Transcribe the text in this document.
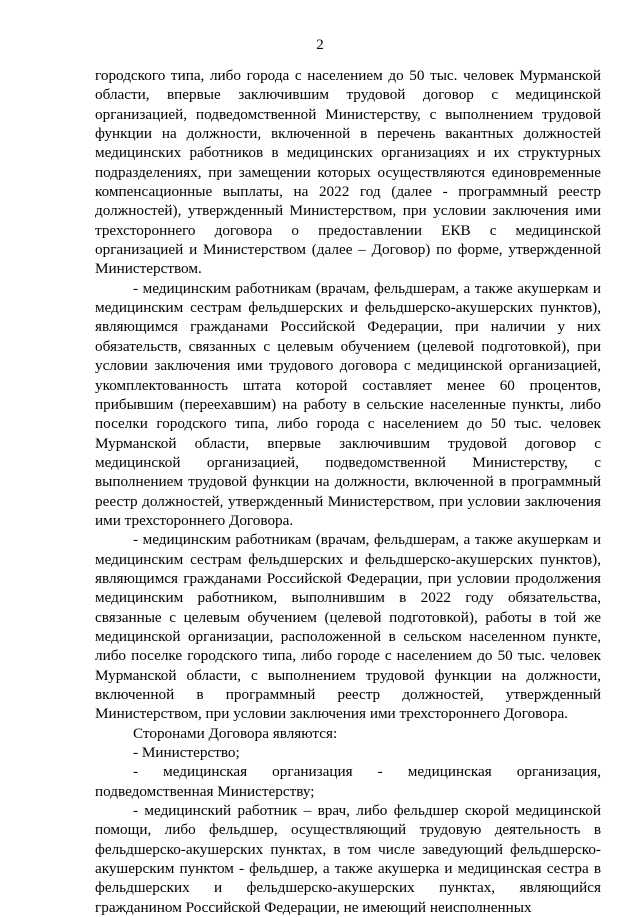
2

городского типа, либо города с населением до 50 тыс. человек Мурманской области, впервые заключившим трудовой договор с медицинской организацией, подведомственной Министерству, с выполнением трудовой функции на должности, включенной в перечень вакантных должностей медицинских работников в медицинских организациях и их структурных подразделениях, при замещении которых осуществляются единовременные компенсационные выплаты, на 2022 год (далее - программный реестр должностей), утвержденный Министерством, при условии заключения ими трехстороннего договора о предоставлении ЕКВ с медицинской организацией и Министерством (далее – Договор) по форме, утвержденной Министерством.

- медицинским работникам (врачам, фельдшерам, а также акушеркам и медицинским сестрам фельдшерских и фельдшерско-акушерских пунктов), являющимся гражданами Российской Федерации, при наличии у них обязательств, связанных с целевым обучением (целевой подготовкой), при условии заключения ими трудового договора с медицинской организацией, укомплектованность штата которой составляет менее 60 процентов, прибывшим (переехавшим) на работу в сельские населенные пункты, либо поселки городского типа, либо города с населением до 50 тыс. человек Мурманской области, впервые заключившим трудовой договор с медицинской организацией, подведомственной Министерству, с выполнением трудовой функции на должности, включенной в программный реестр должностей, утвержденный Министерством, при условии заключения ими трехстороннего Договора.

- медицинским работникам (врачам, фельдшерам, а также акушеркам и медицинским сестрам фельдшерских и фельдшерско-акушерских пунктов), являющимся гражданами Российской Федерации, при условии продолжения медицинским работником, выполнившим в 2022 году обязательства, связанные с целевым обучением (целевой подготовкой), работы в той же медицинской организации, расположенной в сельском населенном пункте, либо поселке городского типа, либо городе с населением до 50 тыс. человек Мурманской области, с выполнением трудовой функции на должности, включенной в программный реестр должностей, утвержденный Министерством, при условии заключения ими трехстороннего Договора.

Сторонами Договора являются:

- Министерство;

- медицинская организация - медицинская организация, подведомственная Министерству;

- медицинский работник – врач, либо фельдшер скорой медицинской помощи, либо фельдшер, осуществляющий трудовую деятельность в фельдшерско-акушерских пунктах, в том числе заведующий фельдшерско-акушерским пунктом - фельдшер, а также акушерка и медицинская сестра в фельдшерских и фельдшерско-акушерских пунктах, являющийся гражданином Российской Федерации, не имеющий неисполненных
